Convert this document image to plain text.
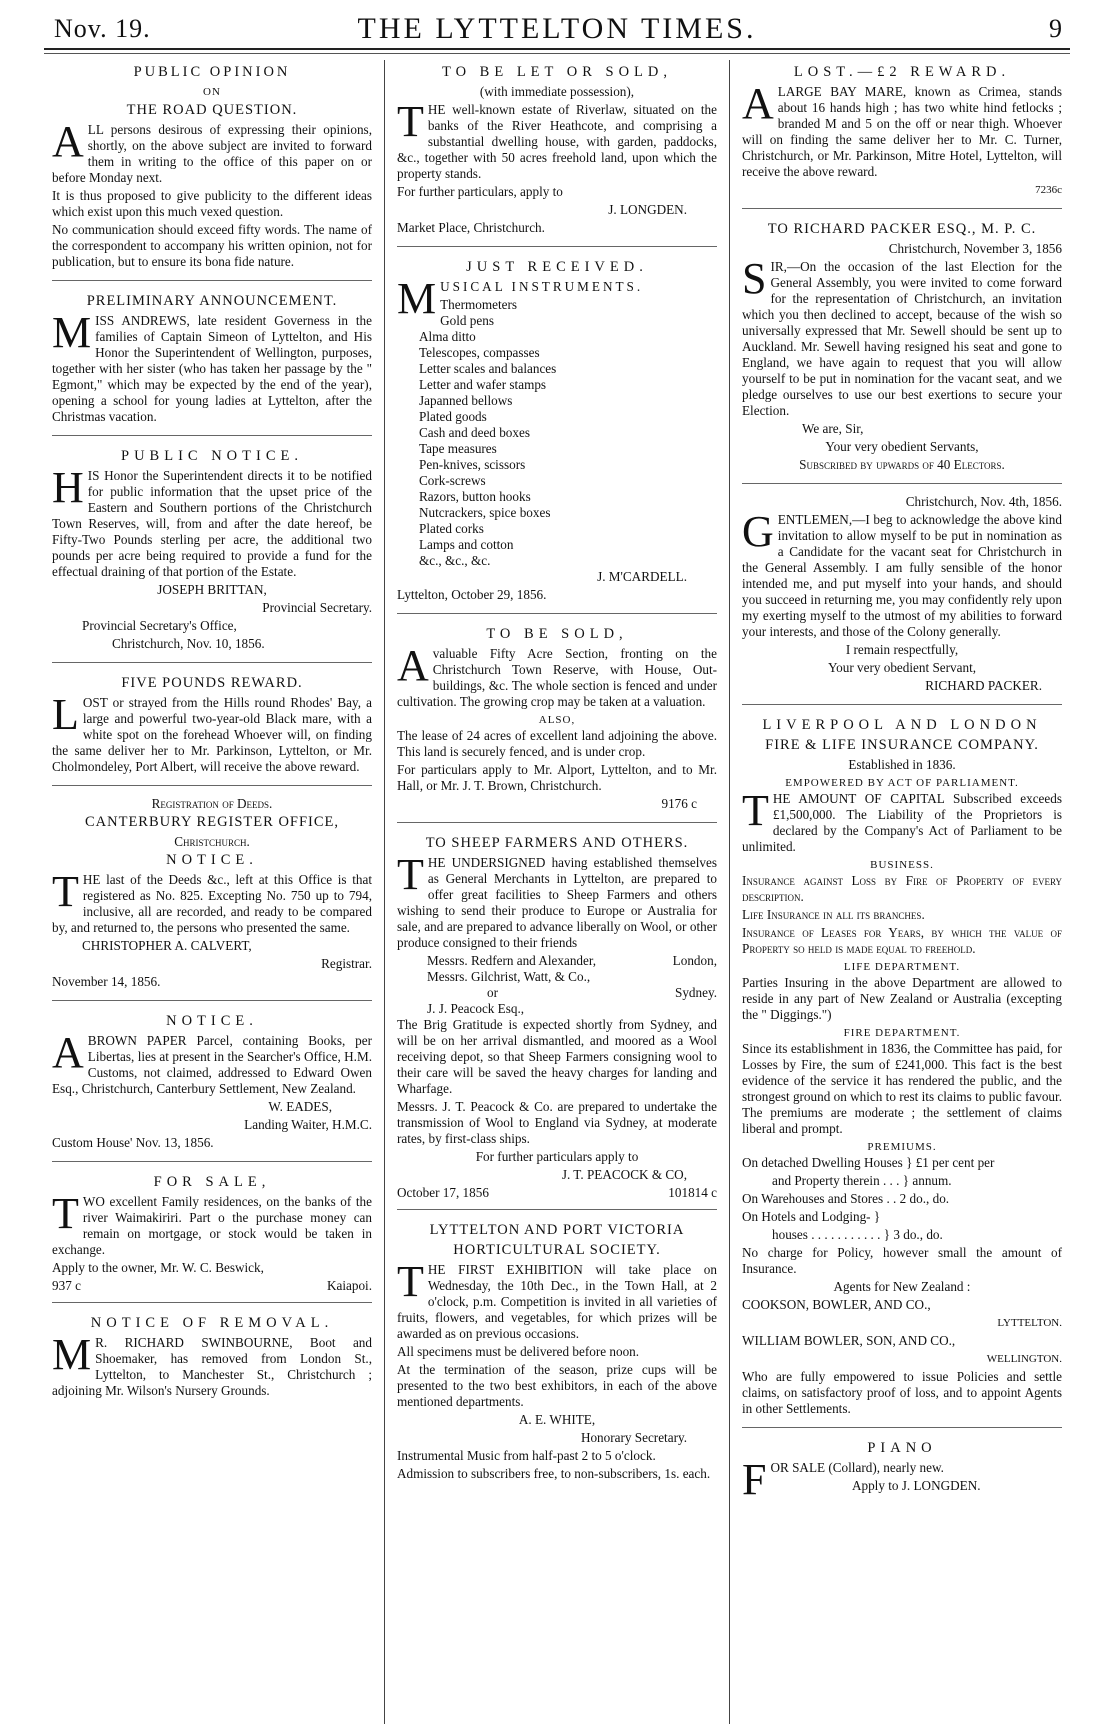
Nov. 19.	THE LYTTELTON TIMES.	9
PUBLIC OPINION

ON

THE ROAD QUESTION.

ALL persons desirous of expressing their opinions, shortly, on the above subject are invited to forward them in writing to the office of this paper on or before Monday next.

It is thus proposed to give publicity to the different ideas which exist upon this much vexed question.

No communication should exceed fifty words. The name of the correspondent to accompany his written opinion, not for publication, but to ensure its bona fide nature.

PRELIMINARY ANNOUNCEMENT.

MISS ANDREWS, late resident Governess in the families of Captain Simeon of Lyttelton, and His Honor the Superintendent of Wellington, purposes, together with her sister (who has taken her passage by the " Egmont," which may be expected by the end of the year), opening a school for young ladies at Lyttelton, after the Christmas vacation.

PUBLIC NOTICE.

HIS Honor the Superintendent directs it to be notified for public information that the upset price of the Eastern and Southern portions of the Christchurch Town Reserves, will, from and after the date hereof, be Fifty-Two Pounds sterling per acre, the additional two pounds per acre being required to provide a fund for the effectual draining of that portion of the Estate.

JOSEPH BRITTAN,

Provincial Secretary.

Provincial Secretary's Office,

Christchurch, Nov. 10, 1856.

FIVE POUNDS REWARD.

LOST or strayed from the Hills round Rhodes' Bay, a large and powerful two-year-old Black mare, with a white spot on the forehead Whoever will, on finding the same deliver her to Mr. Parkinson, Lyttelton, or Mr. Cholmondeley, Port Albert, will receive the above reward.

Registration of Deeds.

CANTERBURY REGISTER OFFICE,

Christchurch.

NOTICE.

THE last of the Deeds &c., left at this Office is that registered as No. 825. Excepting No. 750 up to 794, inclusive, all are recorded, and ready to be compared by, and returned to, the persons who presented the same.

CHRISTOPHER A. CALVERT,

Registrar.

November 14, 1856.

NOTICE.

ABROWN PAPER Parcel, containing Books, per Libertas, lies at present in the Searcher's Office, H.M. Customs, not claimed, addressed to Edward Owen Esq., Christchurch, Canterbury Settlement, New Zealand.

W. EADES,

Landing Waiter, H.M.C.

Custom House' Nov. 13, 1856.

FOR SALE,

TWO excellent Family residences, on the banks of the river Waimakiriri. Part o the purchase money can remain on mortgage, or stock would be taken in exchange.

Apply to the owner, Mr. W. C. Beswick,

937 c	Kaiapoi.
NOTICE OF REMOVAL.

M R. RICHARD SWINBOURNE, Boot and Shoemaker, has removed from London St., Lyttelton, to Manchester St., Christchurch ; adjoining Mr. Wilson's Nursery Grounds.

TO BE LET OR SOLD,

(with immediate possession),

THE well-known estate of Riverlaw, situated on the banks of the River Heathcote, and comprising a substantial dwelling house, with garden, paddocks, &c., together with 50 acres freehold land, upon which the property stands.

For further particulars, apply to

J. LONGDEN.

Market Place, Christchurch.

JUST RECEIVED.

MUSICAL INSTRUMENTS.

Thermometers
Gold pens
Alma ditto
Telescopes, compasses
Letter scales and balances
Letter and wafer stamps
Japanned bellows
Plated goods
Cash and deed boxes
Tape measures
Pen-knives, scissors
Cork-screws
Razors, button hooks
Nutcrackers, spice boxes
Plated corks
Lamps and cotton
&c., &c., &c.

J. M'CARDELL.

Lyttelton, October 29, 1856.

TO BE SOLD,

Avaluable Fifty Acre Section, fronting on the Christchurch Town Reserve, with House, Out-buildings, &c. The whole section is fenced and under cultivation. The growing crop may be taken at a valuation.

ALSO,

The lease of 24 acres of excellent land adjoining the above. This land is securely fenced, and is under crop.

For particulars apply to Mr. Alport, Lyttelton, and to Mr. Hall, or Mr. J. T. Brown, Christchurch.

9176 c

TO SHEEP FARMERS AND OTHERS.

THE UNDERSIGNED having established themselves as General Merchants in Lyttelton, are prepared to offer great facilities to Sheep Farmers and others wishing to send their produce to Europe or Australia for sale, and are prepared to advance liberally on Wool, or other produce consigned to their friends

Messrs. Redfern and Alexander,	London,
Messrs. Gilchrist, Watt, & Co.,
or	Sydney.
J. J. Peacock Esq.,

The Brig Gratitude is expected shortly from Sydney, and will be on her arrival dismantled, and moored as a Wool receiving depot, so that Sheep Farmers consigning wool to their care will be saved the heavy charges for landing and Wharfage.

Messrs. J. T. Peacock & Co. are prepared to undertake the transmission of Wool to England via Sydney, at moderate rates, by first-class ships.

For further particulars apply to

J. T. PEACOCK & CO,

October 17, 1856	101814 c
LYTTELTON AND PORT VICTORIA
HORTICULTURAL SOCIETY.

THE FIRST EXHIBITION will take place on Wednesday, the 10th Dec., in the Town Hall, at 2 o'clock, p.m. Competition is invited in all varieties of fruits, flowers, and vegetables, for which prizes will be awarded as on previous occasions.

All specimens must be delivered before noon.

At the termination of the season, prize cups will be presented to the two best exhibitors, in each of the above mentioned departments.

A. E. WHITE,

Honorary Secretary.

Instrumental Music from half-past 2 to 5 o'clock.

Admission to subscribers free, to non-subscribers, 1s. each.

LOST.—£2 REWARD.

ALARGE BAY MARE, known as Crimea, stands about 16 hands high ; has two white hind fetlocks ; branded M and 5 on the off or near thigh. Whoever will on finding the same deliver her to Mr. C. Turner, Christchurch, or Mr. Parkinson, Mitre Hotel, Lyttelton, will receive the above reward.

7236c

TO RICHARD PACKER ESQ., M. P. C.

Christchurch, November 3, 1856

SIR,—On the occasion of the last Election for the General Assembly, you were invited to come forward for the representation of Christchurch, an invitation which you then declined to accept, because of the wish so universally expressed that Mr. Sewell should be sent up to Auckland. Mr. Sewell having resigned his seat and gone to England, we have again to request that you will allow yourself to be put in nomination for the vacant seat, and we pledge ourselves to use our best exertions to secure your Election.

We are, Sir,

Your very obedient Servants,

Subscribed by upwards of 40 Electors.

Christchurch, Nov. 4th, 1856.

GENTLEMEN,—I beg to acknowledge the above kind invitation to allow myself to be put in nomination as a Candidate for the vacant seat for Christchurch in the General Assembly. I am fully sensible of the honor intended me, and put myself into your hands, and should you succeed in returning me, you may confidently rely upon my exerting myself to the utmost of my abilities to forward your interests, and those of the Colony generally.

I remain respectfully,

Your very obedient Servant,

RICHARD PACKER.

LIVERPOOL AND LONDON
FIRE & LIFE INSURANCE COMPANY.

Established in 1836.

EMPOWERED BY ACT OF PARLIAMENT.

THE AMOUNT OF CAPITAL Subscribed exceeds £1,500,000. The Liability of the Proprietors is declared by the Company's Act of Parliament to be unlimited.

BUSINESS.

Insurance against Loss by Fire of Property of every description.

Life Insurance in all its branches.

Insurance of Leases for Years, by which the value of Property so held is made equal to freehold.

LIFE DEPARTMENT.

Parties Insuring in the above Department are allowed to reside in any part of New Zealand or Australia (excepting the " Diggings.")

FIRE DEPARTMENT.

Since its establishment in 1836, the Committee has paid, for Losses by Fire, the sum of £241,000. This fact is the best evidence of the service it has rendered the public, and the strongest ground on which to rest its claims to public favour. The premiums are moderate ; the settlement of claims liberal and prompt.

PREMIUMS.

On detached Dwelling Houses } £1 per cent per

and Property therein . . . } annum.

On Warehouses and Stores . . 2 do., do.

On Hotels and Lodging- }

houses . . . . . . . . . . . } 3 do., do.

No charge for Policy, however small the amount of Insurance.

Agents for New Zealand :

COOKSON, BOWLER, AND CO.,

LYTTELTON.

WILLIAM BOWLER, SON, AND CO.,

WELLINGTON.

Who are fully empowered to issue Policies and settle claims, on satisfactory proof of loss, and to appoint Agents in other Settlements.

PIANO

FOR SALE (Collard), nearly new.

Apply to J. LONGDEN.
